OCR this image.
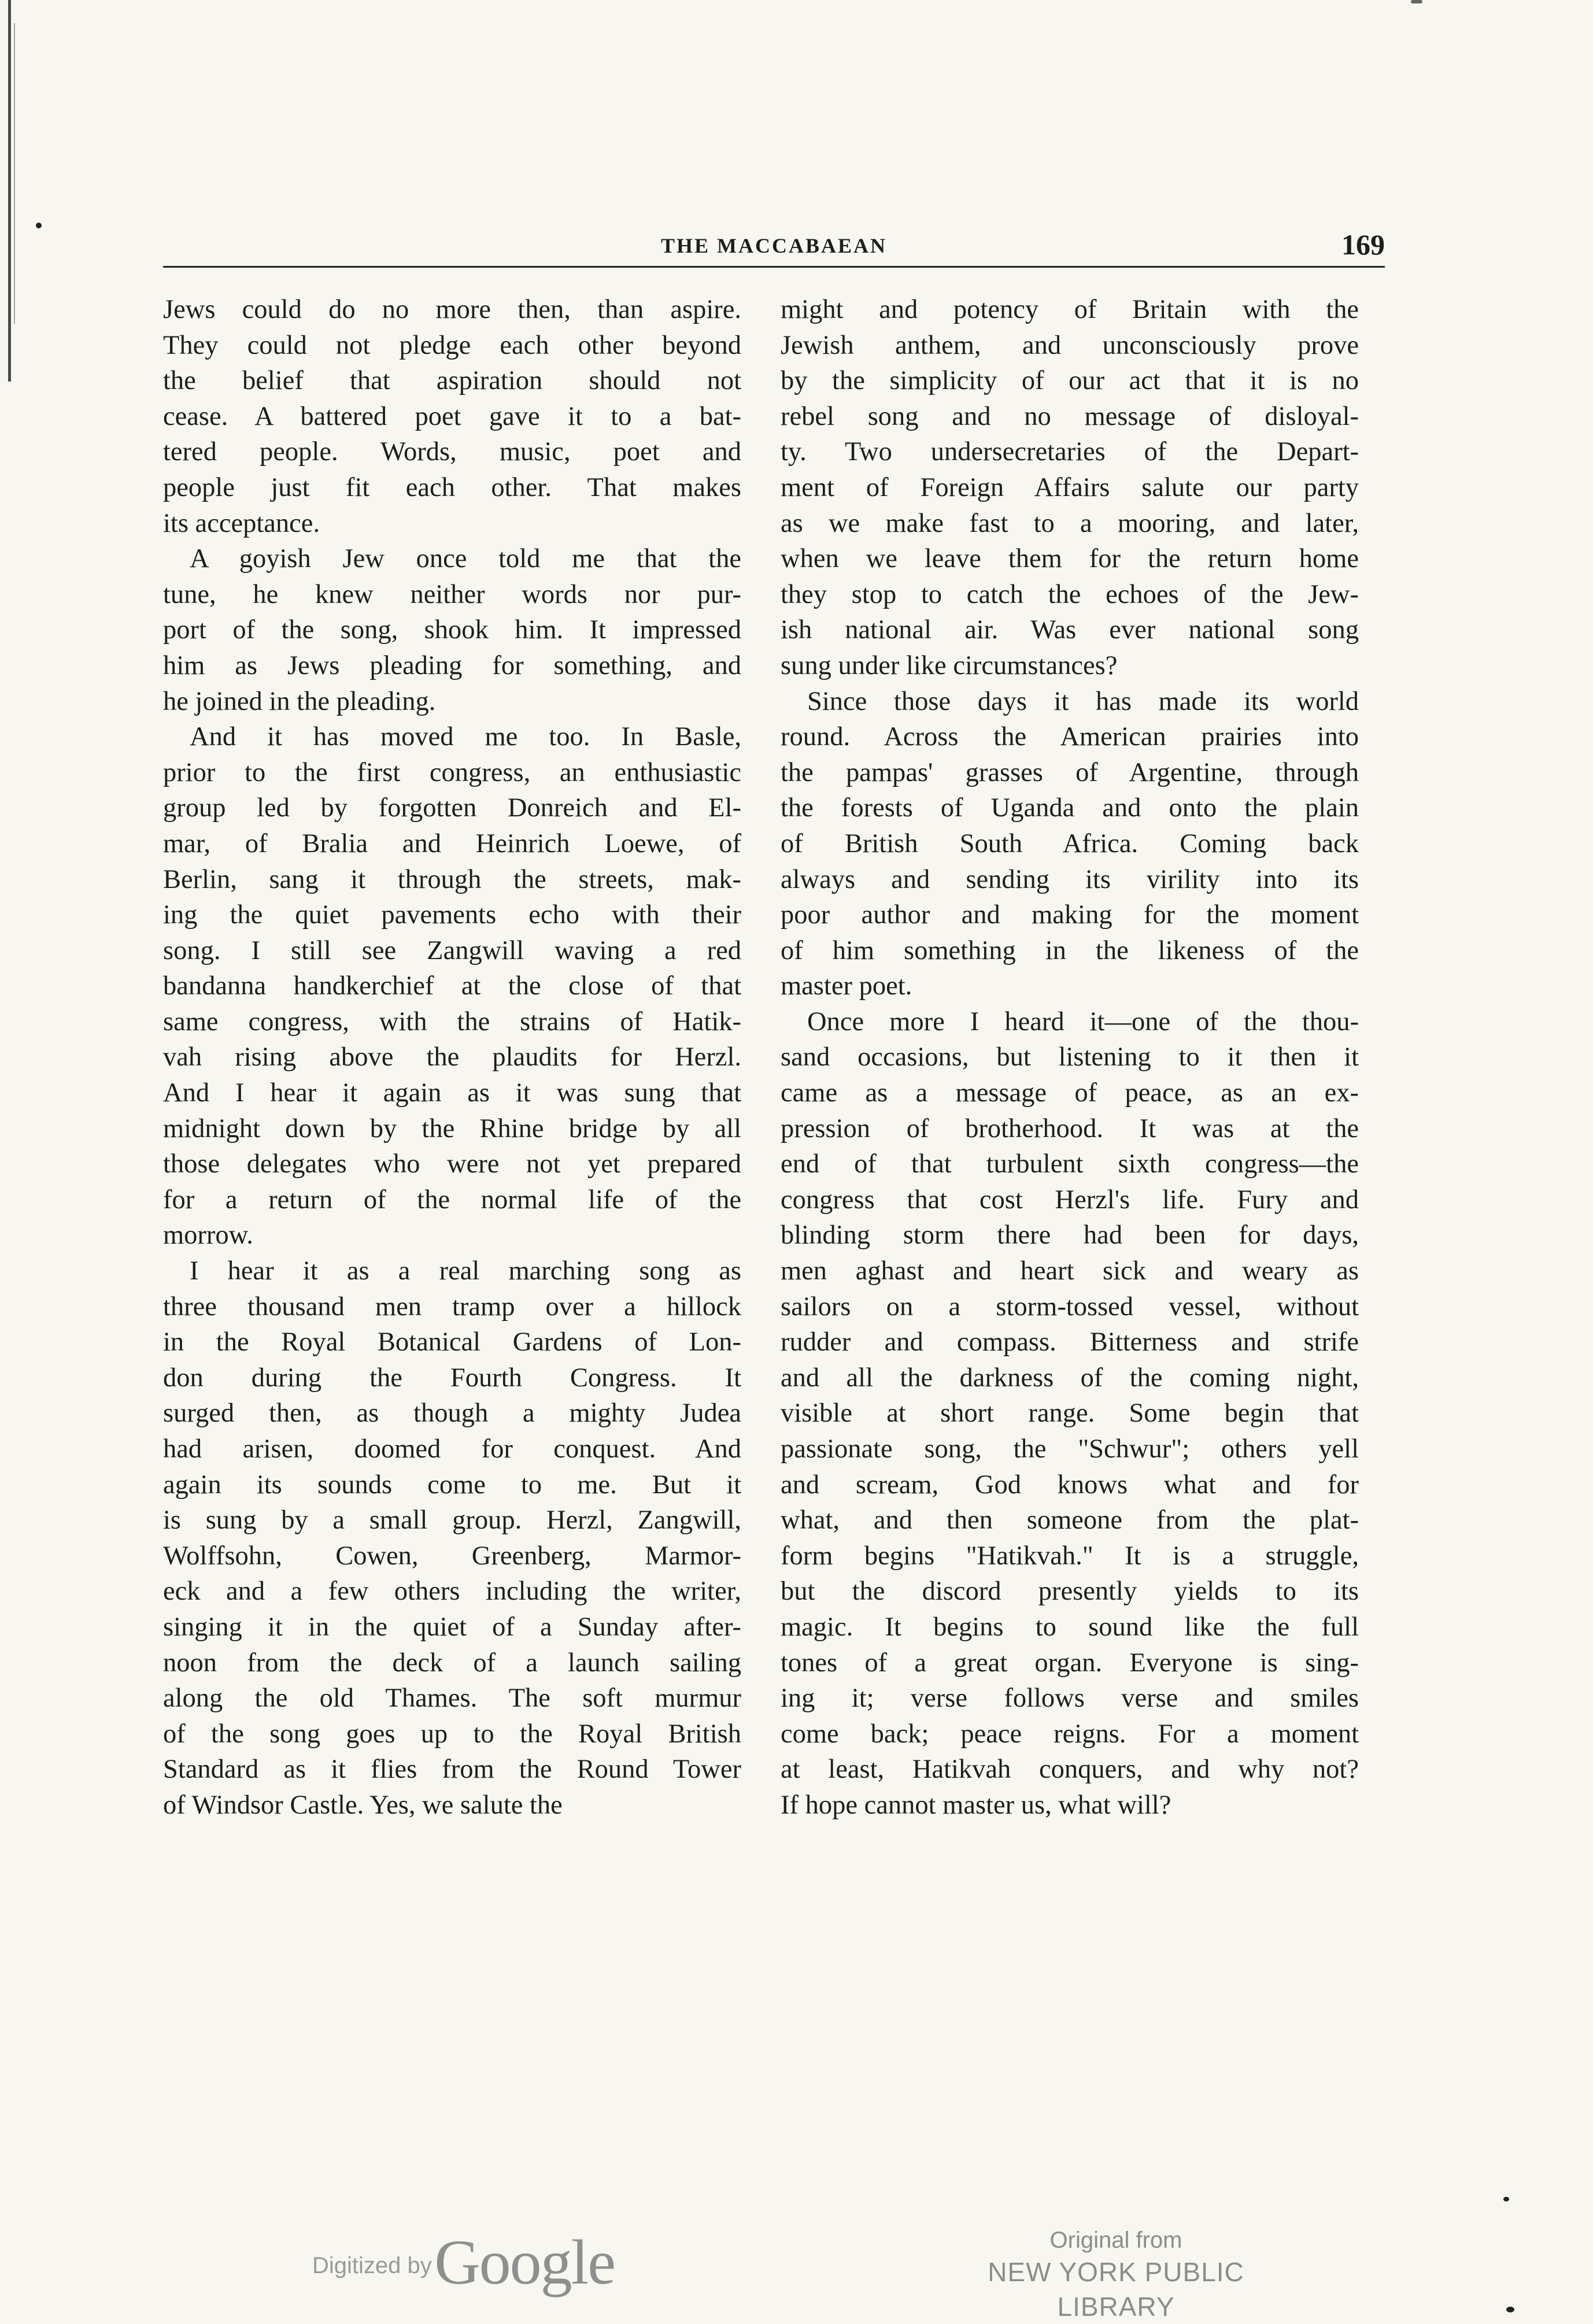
THE MACCABAEAN	169
Jews could do no more then, than aspire.
They could not pledge each other beyond
the belief that aspiration should not
cease. A battered poet gave it to a bat-
tered people. Words, music, poet and
people just fit each other. That makes
its acceptance.
A goyish Jew once told me that the
tune, he knew neither words nor pur-
port of the song, shook him. It impressed
him as Jews pleading for something, and
he joined in the pleading.
And it has moved me too. In Basle,
prior to the first congress, an enthusiastic
group led by forgotten Donreich and El-
mar, of Bralia and Heinrich Loewe, of
Berlin, sang it through the streets, mak-
ing the quiet pavements echo with their
song. I still see Zangwill waving a red
bandanna handkerchief at the close of that
same congress, with the strains of Hatik-
vah rising above the plaudits for Herzl.
And I hear it again as it was sung that
midnight down by the Rhine bridge by all
those delegates who were not yet prepared
for a return of the normal life of the
morrow.
I hear it as a real marching song as
three thousand men tramp over a hillock
in the Royal Botanical Gardens of Lon-
don during the Fourth Congress. It
surged then, as though a mighty Judea
had arisen, doomed for conquest. And
again its sounds come to me. But it
is sung by a small group. Herzl, Zangwill,
Wolffsohn, Cowen, Greenberg, Marmor-
eck and a few others including the writer,
singing it in the quiet of a Sunday after-
noon from the deck of a launch sailing
along the old Thames. The soft murmur
of the song goes up to the Royal British
Standard as it flies from the Round Tower
of Windsor Castle. Yes, we salute the
might and potency of Britain with the
Jewish anthem, and unconsciously prove
by the simplicity of our act that it is no
rebel song and no message of disloyal-
ty. Two undersecretaries of the Depart-
ment of Foreign Affairs salute our party
as we make fast to a mooring, and later,
when we leave them for the return home
they stop to catch the echoes of the Jew-
ish national air. Was ever national song
sung under like circumstances?
Since those days it has made its world
round. Across the American prairies into
the pampas' grasses of Argentine, through
the forests of Uganda and onto the plain
of British South Africa. Coming back
always and sending its virility into its
poor author and making for the moment
of him something in the likeness of the
master poet.
Once more I heard it—one of the thou-
sand occasions, but listening to it then it
came as a message of peace, as an ex-
pression of brotherhood. It was at the
end of that turbulent sixth congress—the
congress that cost Herzl's life. Fury and
blinding storm there had been for days,
men aghast and heart sick and weary as
sailors on a storm-tossed vessel, without
rudder and compass. Bitterness and strife
and all the darkness of the coming night,
visible at short range. Some begin that
passionate song, the "Schwur"; others yell
and scream, God knows what and for
what, and then someone from the plat-
form begins "Hatikvah." It is a struggle,
but the discord presently yields to its
magic. It begins to sound like the full
tones of a great organ. Everyone is sing-
ing it; verse follows verse and smiles
come back; peace reigns. For a moment
at least, Hatikvah conquers, and why not?
If hope cannot master us, what will?
Digitized by Google	Original from
NEW YORK PUBLIC LIBRARY
